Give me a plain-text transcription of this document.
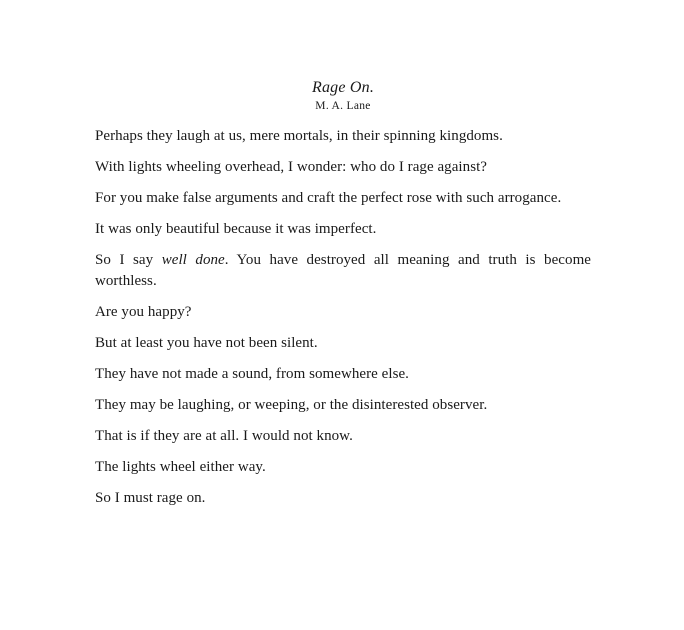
Rage On.

M. A. Lane

Perhaps they laugh at us, mere mortals, in their spinning kingdoms.

With lights wheeling overhead, I wonder: who do I rage against?

For you make false arguments and craft the perfect rose with such arrogance.

It was only beautiful because it was imperfect.

So I say well done. You have destroyed all meaning and truth is become worthless.

Are you happy?

But at least you have not been silent.

They have not made a sound, from somewhere else.

They may be laughing, or weeping, or the disinterested observer.

That is if they are at all. I would not know.

The lights wheel either way.

So I must rage on.
